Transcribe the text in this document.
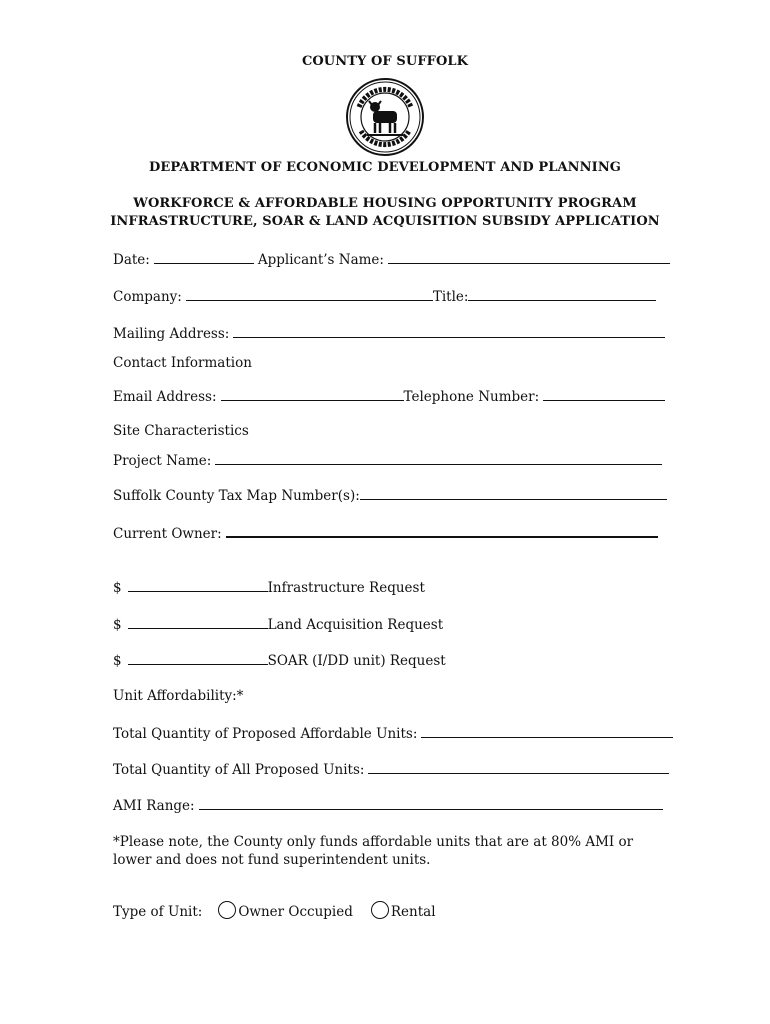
COUNTY OF SUFFOLK
DEPARTMENT OF ECONOMIC DEVELOPMENT AND PLANNING
WORKFORCE & AFFORDABLE HOUSING OPPORTUNITY PROGRAM
INFRASTRUCTURE, SOAR & LAND ACQUISITION SUBSIDY APPLICATION
Date:	Applicant’s Name:
Company:	Title:
Mailing Address:
Contact Information
Email Address:	Telephone Number:
Site Characteristics
Project Name:
Suffolk County Tax Map Number(s):
Current Owner:
$	Infrastructure Request
$	Land Acquisition Request
$	SOAR (I/DD unit) Request
Unit Affordability:*
Total Quantity of Proposed Affordable Units:
Total Quantity of All Proposed Units:
AMI Range:
*Please note, the County only funds affordable units that are at 80% AMI or lower and does not fund superintendent units.
Type of Unit:	Owner Occupied	Rental
